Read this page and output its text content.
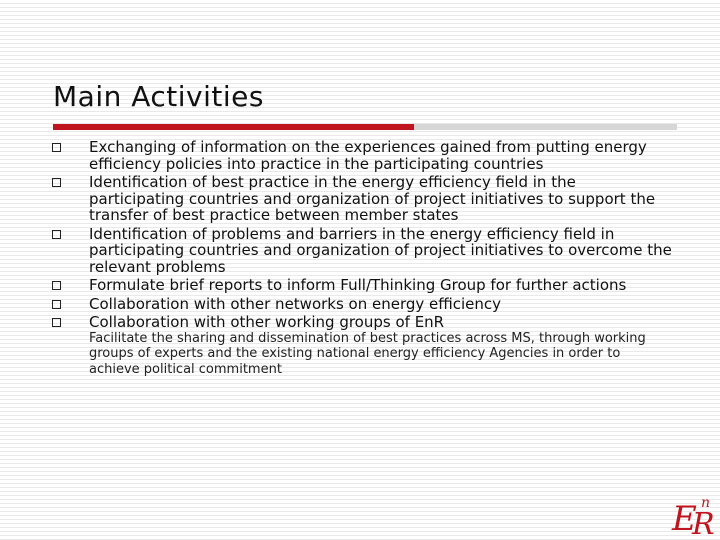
Main Activities
Exchanging of information on the experiences gained from putting energy efficiency policies into practice in the participating countries
Identification of best practice in the energy efficiency field in the participating countries and organization of project initiatives to support the transfer of best practice between member states
Identification of problems and barriers in the energy efficiency field in participating countries and organization of project initiatives to overcome the relevant problems
Formulate brief reports to inform Full/Thinking Group for further actions
Collaboration with other networks on energy efficiency
Collaboration with other working groups of EnR
Facilitate the sharing and dissemination of best practices across MS, through working groups of experts and the existing national energy efficiency Agencies in order to achieve political commitment
E
R
n
